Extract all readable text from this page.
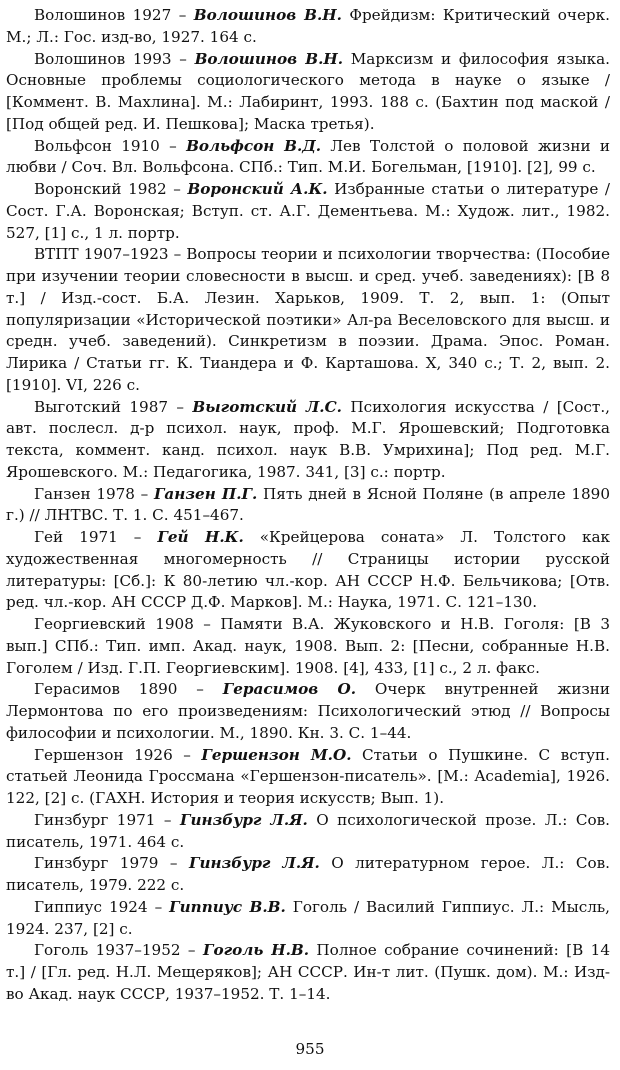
Волошинов 1927 – Волошинов В.Н. Фрейдизм: Критический очерк. М.; Л.: Гос. изд-во, 1927. 164 с.

Волошинов 1993 – Волошинов В.Н. Марксизм и философия языка. Основные проблемы социологического метода в науке о языке / [Коммент. В. Махлина]. М.: Лабиринт, 1993. 188 с. (Бахтин под маской / [Под общей ред. И. Пешкова]; Маска третья).

Вольфсон 1910 – Вольфсон В.Д. Лев Толстой о половой жизни и любви / Соч. Вл. Вольфсона. СПб.: Тип. М.И. Богельман, [1910]. [2], 99 с.

Воронский 1982 – Воронский А.К. Избранные статьи о литературе / Сост. Г.А. Воронская; Вступ. ст. А.Г. Дементьева. М.: Худож. лит., 1982. 527, [1] с., 1 л. портр.

ВТПТ 1907–1923 – Вопросы теории и психологии творчества: (Пособие при изучении теории словесности в высш. и сред. учеб. заведениях): [В 8 т.] / Изд.-сост. Б.А. Лезин. Харьков, 1909. Т. 2, вып. 1: (Опыт популяризации «Исторической поэтики» Ал-ра Веселовского для высш. и средн. учеб. заведений). Синкретизм в поэзии. Драма. Эпос. Роман. Лирика / Статьи гг. К. Тиандера и Ф. Карташова. X, 340 с.; Т. 2, вып. 2. [1910]. VI, 226 с.

Выготский 1987 – Выготский Л.С. Психология искусства / [Сост., авт. послесл. д-р психол. наук, проф. М.Г. Ярошевский; Подготовка текста, коммент. канд. психол. наук В.В. Умрихина]; Под ред. М.Г. Ярошевского. М.: Педагогика, 1987. 341, [3] с.: портр.

Ганзен 1978 – Ганзен П.Г. Пять дней в Ясной Поляне (в апреле 1890 г.) // ЛНТВС. Т. 1. С. 451–467.

Гей 1971 – Гей Н.К. «Крейцерова соната» Л. Толстого как художественная многомерность // Страницы истории русской литературы: [Сб.]: К 80-летию чл.-кор. АН СССР Н.Ф. Бельчикова; [Отв. ред. чл.-кор. АН СССР Д.Ф. Марков]. М.: Наука, 1971. С. 121–130.

Георгиевский 1908 – Памяти В.А. Жуковского и Н.В. Гоголя: [В 3 вып.] СПб.: Тип. имп. Акад. наук, 1908. Вып. 2: [Песни, собранные Н.В. Гоголем / Изд. Г.П. Георгиевским]. 1908. [4], 433, [1] с., 2 л. факс.

Герасимов 1890 – Герасимов О. Очерк внутренней жизни Лермонтова по его произведениям: Психологический этюд // Вопросы философии и психологии. М., 1890. Кн. 3. С. 1–44.

Гершензон 1926 – Гершензон М.О. Статьи о Пушкине. С вступ. статьей Леонида Гроссмана «Гершензон-писатель». [М.: Academia], 1926. 122, [2] с. (ГАХН. История и теория искусств; Вып. 1).

Гинзбург 1971 – Гинзбург Л.Я. О психологической прозе. Л.: Сов. писатель, 1971. 464 с.

Гинзбург 1979 – Гинзбург Л.Я. О литературном герое. Л.: Сов. писатель, 1979. 222 с.

Гиппиус 1924 – Гиппиус В.В. Гоголь / Василий Гиппиус. Л.: Мысль, 1924. 237, [2] с.

Гоголь 1937–1952 – Гоголь Н.В. Полное собрание сочинений: [В 14 т.] / [Гл. ред. Н.Л. Мещеряков]; АН СССР. Ин-т лит. (Пушк. дом). М.: Изд-во Акад. наук СССР, 1937–1952. Т. 1–14.

955
